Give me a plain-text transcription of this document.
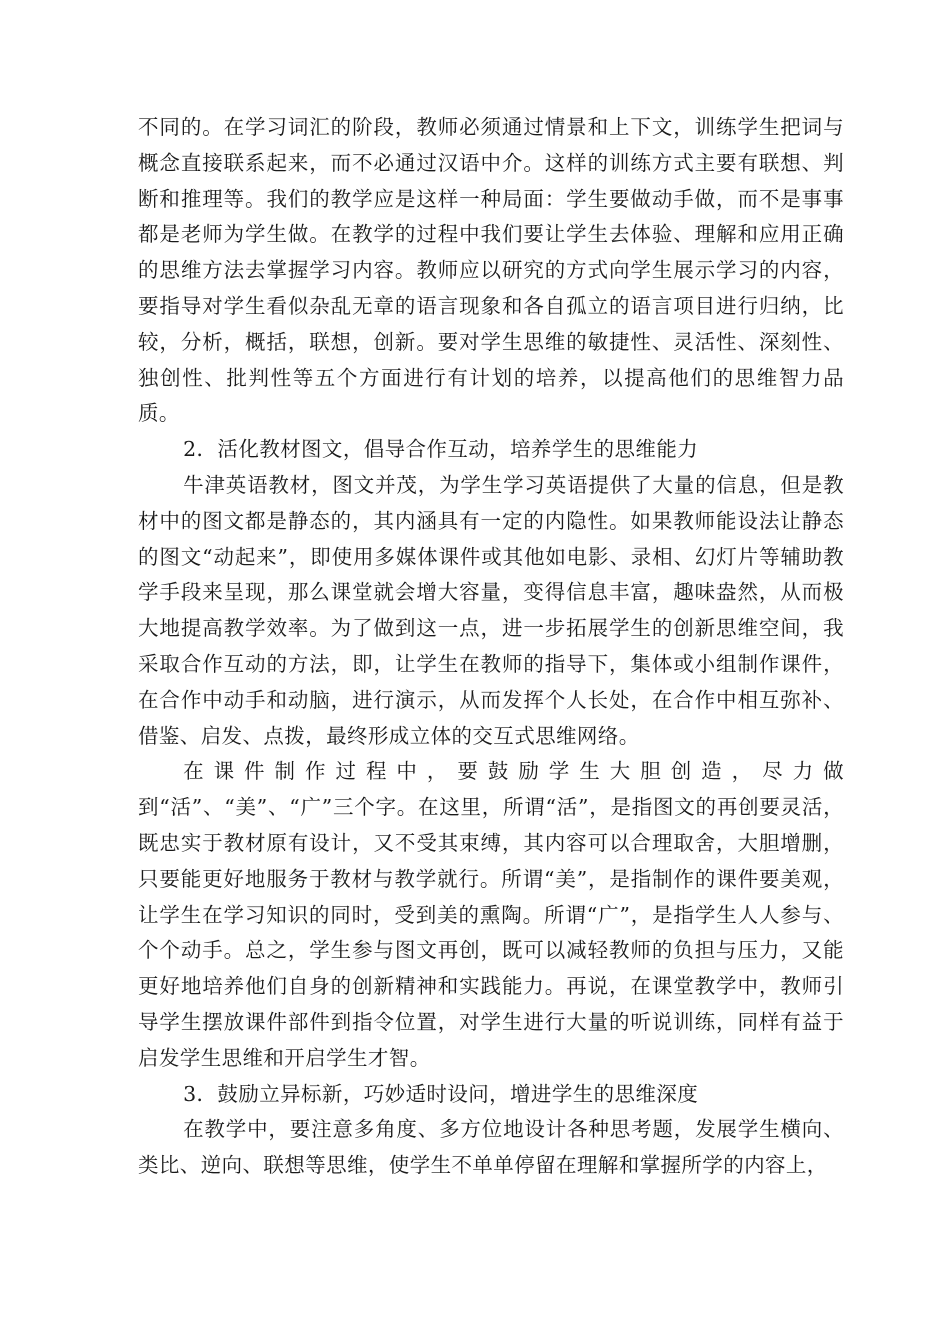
不同的。在学习词汇的阶段，教师必须通过情景和上下文，训练学生把词与概念直接联系起来，而不必通过汉语中介。这样的训练方式主要有联想、判断和推理等。我们的教学应是这样一种局面：学生要做动手做，而不是事事都是老师为学生做。在教学的过程中我们要让学生去体验、理解和应用正确的思维方法去掌握学习内容。教师应以研究的方式向学生展示学习的内容，要指导对学生看似杂乱无章的语言现象和各自孤立的语言项目进行归纳，比较，分析，概括，联想，创新。要对学生思维的敏捷性、灵活性、深刻性、独创性、批判性等五个方面进行有计划的培养，以提高他们的思维智力品质。

2．活化教材图文，倡导合作互动，培养学生的思维能力

牛津英语教材，图文并茂，为学生学习英语提供了大量的信息，但是教材中的图文都是静态的，其内涵具有一定的内隐性。如果教师能设法让静态的图文“动起来”，即使用多媒体课件或其他如电影、录相、幻灯片等辅助教学手段来呈现，那么课堂就会增大容量，变得信息丰富，趣味盎然，从而极大地提高教学效率。为了做到这一点，进一步拓展学生的创新思维空间，我采取合作互动的方法，即，让学生在教师的指导下，集体或小组制作课件，在合作中动手和动脑，进行演示，从而发挥个人长处，在合作中相互弥补、借鉴、启发、点拨，最终形成立体的交互式思维网络。

在课件制作过程中，要鼓励学生大胆创造，尽力做到“活”、“美”、“广”三个字。在这里，所谓“活”，是指图文的再创要灵活，既忠实于教材原有设计，又不受其束缚，其内容可以合理取舍，大胆增删，只要能更好地服务于教材与教学就行。所谓“美”，是指制作的课件要美观，让学生在学习知识的同时，受到美的熏陶。所谓“广”，是指学生人人参与、个个动手。总之，学生参与图文再创，既可以减轻教师的负担与压力，又能更好地培养他们自身的创新精神和实践能力。再说，在课堂教学中，教师引导学生摆放课件部件到指令位置，对学生进行大量的听说训练，同样有益于启发学生思维和开启学生才智。

3．鼓励立异标新，巧妙适时设问，增进学生的思维深度

在教学中，要注意多角度、多方位地设计各种思考题，发展学生横向、类比、逆向、联想等思维，使学生不单单停留在理解和掌握所学的内容上，
